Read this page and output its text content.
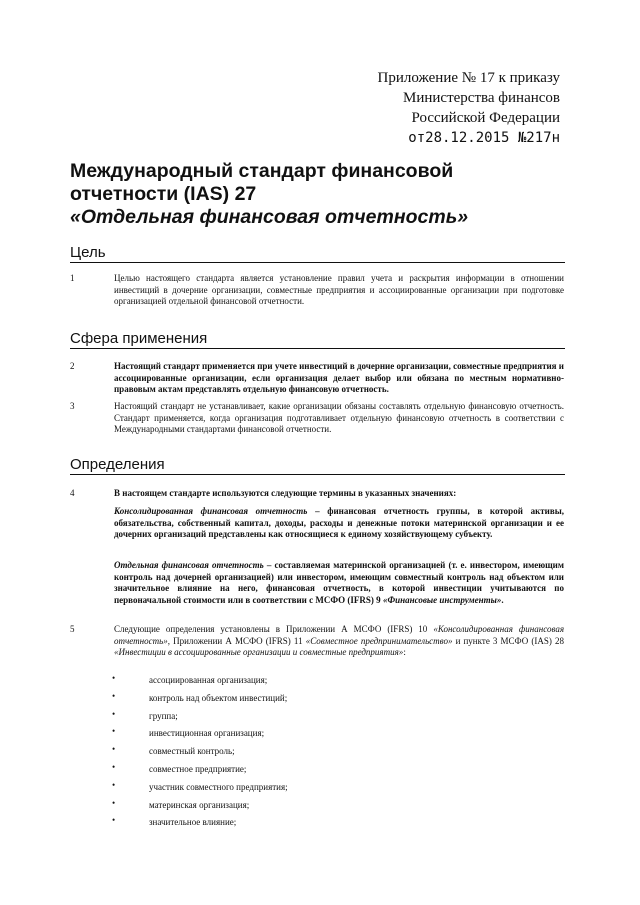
Приложение № 17 к приказу
Министерства финансов
Российской Федерации
от28.12.2015 №217н
Международный стандарт финансовой
отчетности (IAS) 27
«Отдельная финансовая отчетность»
Цель
1	Целью настоящего стандарта является установление правил учета и раскрытия информации в отношении инвестиций в дочерние организации, совместные предприятия и ассоциированные организации при подготовке организацией отдельной финансовой отчетности.
Сфера применения
2	Настоящий стандарт применяется при учете инвестиций в дочерние организации, совместные предприятия и ассоциированные организации, если организация делает выбор или обязана по местным нормативно-правовым актам представлять отдельную финансовую отчетность.
3	Настоящий стандарт не устанавливает, какие организации обязаны составлять отдельную финансовую отчетность. Стандарт применяется, когда организация подготавливает отдельную финансовую отчетность в соответствии с Международными стандартами финансовой отчетности.
Определения
4	В настоящем стандарте используются следующие термины в указанных значениях:
Консолидированная финансовая отчетность – финансовая отчетность группы, в которой активы, обязательства, собственный капитал, доходы, расходы и денежные потоки материнской организации и ее дочерних организаций представлены как относящиеся к единому хозяйствующему субъекту.
Отдельная финансовая отчетность – составляемая материнской организацией (т. е. инвестором, имеющим контроль над дочерней организацией) или инвестором, имеющим совместный контроль над объектом или значительное влияние на него, финансовая отчетность, в которой инвестиции учитываются по первоначальной стоимости или в соответствии с МСФО (IFRS) 9 «Финансовые инструменты».
5	Следующие определения установлены в Приложении А МСФО (IFRS) 10 «Консолидированная финансовая отчетность», Приложении А МСФО (IFRS) 11 «Совместное предпринимательство» и пункте 3 МСФО (IAS) 28 «Инвестиции в ассоциированные организации и совместные предприятия»:
•	ассоциированная организация;
•	контроль над объектом инвестиций;
•	группа;
•	инвестиционная организация;
•	совместный контроль;
•	совместное предприятие;
•	участник совместного предприятия;
•	материнская организация;
•	значительное влияние;
